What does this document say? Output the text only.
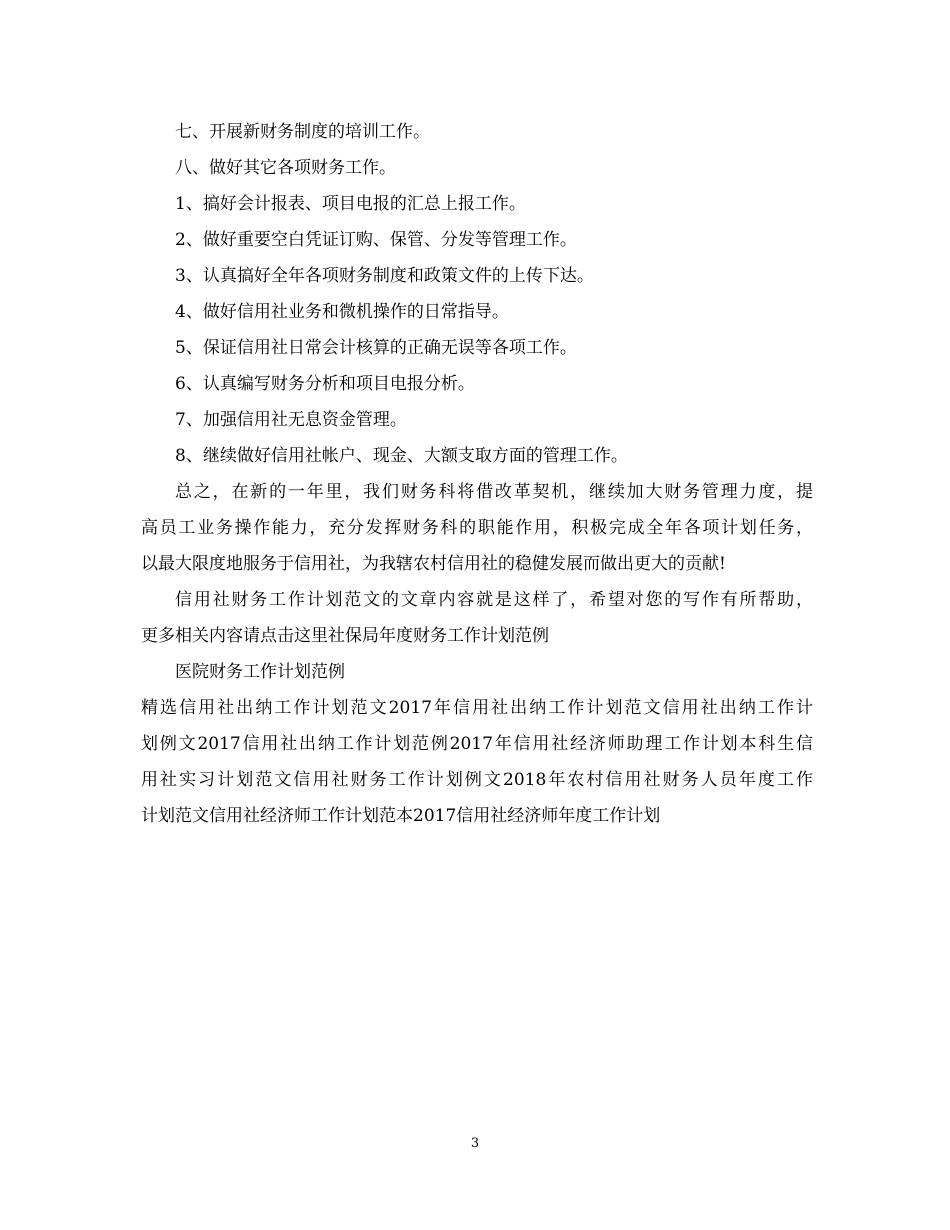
七、开展新财务制度的培训工作。
八、做好其它各项财务工作。
1、搞好会计报表、项目电报的汇总上报工作。
2、做好重要空白凭证订购、保管、分发等管理工作。
3、认真搞好全年各项财务制度和政策文件的上传下达。
4、做好信用社业务和微机操作的日常指导。
5、保证信用社日常会计核算的正确无误等各项工作。
6、认真编写财务分析和项目电报分析。
7、加强信用社无息资金管理。
8、继续做好信用社帐户、现金、大额支取方面的管理工作。
总之，在新的一年里，我们财务科将借改革契机，继续加大财务管理力度，提
高员工业务操作能力，充分发挥财务科的职能作用，积极完成全年各项计划任务，
以最大限度地服务于信用社，为我辖农村信用社的稳健发展而做出更大的贡献!
信用社财务工作计划范文的文章内容就是这样了，希望对您的写作有所帮助，
更多相关内容请点击这里社保局年度财务工作计划范例
医院财务工作计划范例
精选信用社出纳工作计划范文2017年信用社出纳工作计划范文信用社出纳工作计
划例文2017信用社出纳工作计划范例2017年信用社经济师助理工作计划本科生信
用社实习计划范文信用社财务工作计划例文2018年农村信用社财务人员年度工作
计划范文信用社经济师工作计划范本2017信用社经济师年度工作计划
3
